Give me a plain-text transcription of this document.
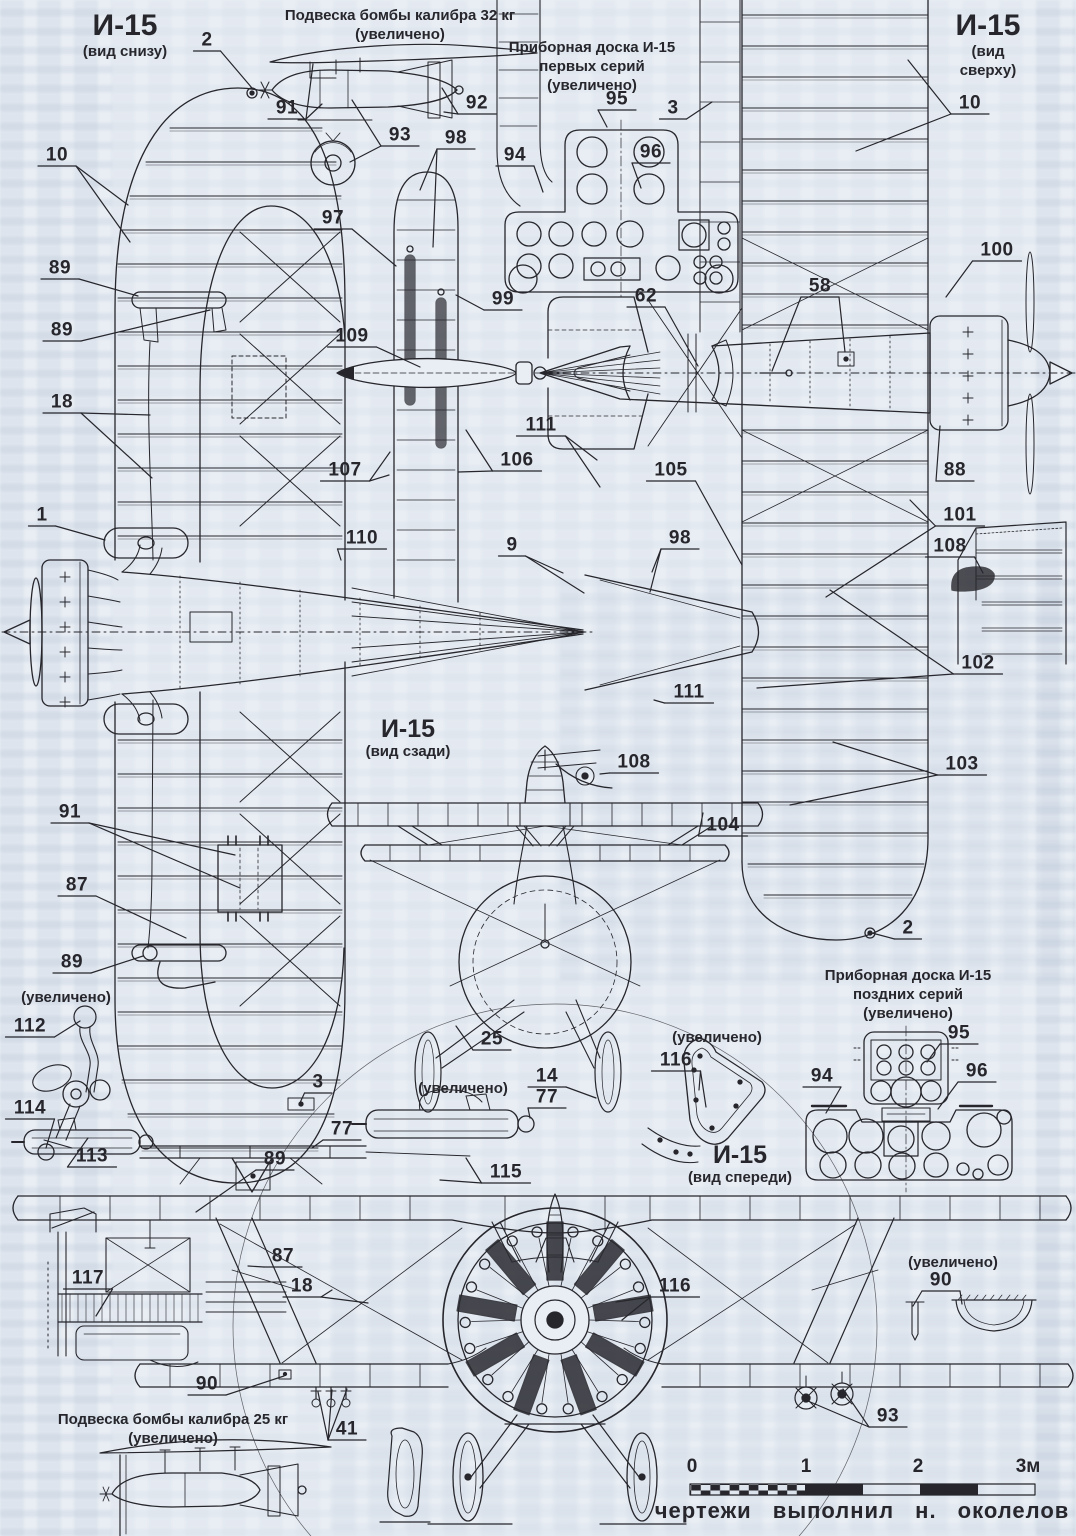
чертежи выполнил н. околелов
И-15
(вид снизу)
Подвеска бомбы калибра 32 кг
(увеличено)
Приборная доска И-15
первых серий
(увеличено)
И-15
(вид сверху)
И-15
(вид сзади)
(увеличено)
(увеличено)
(увеличено)
Приборная доска И-15
поздних серий
(увеличено)
И-15
(вид спереди)
(увеличено)
Подвеска бомбы калибра 25 кг
(увеличено)
2
10
89
89
18
1
91	92
93 98
97
94
95 3
96
10
100
99	62	58
109
88
107	106
110
111
105
9	98
101
108
102
111
108	103
104
2
91
87
89
112
114
113
3
77
89
25
14
77
115
116
117
87
18
90
41
116	90
93
95
94	96
0	1	2	3м
